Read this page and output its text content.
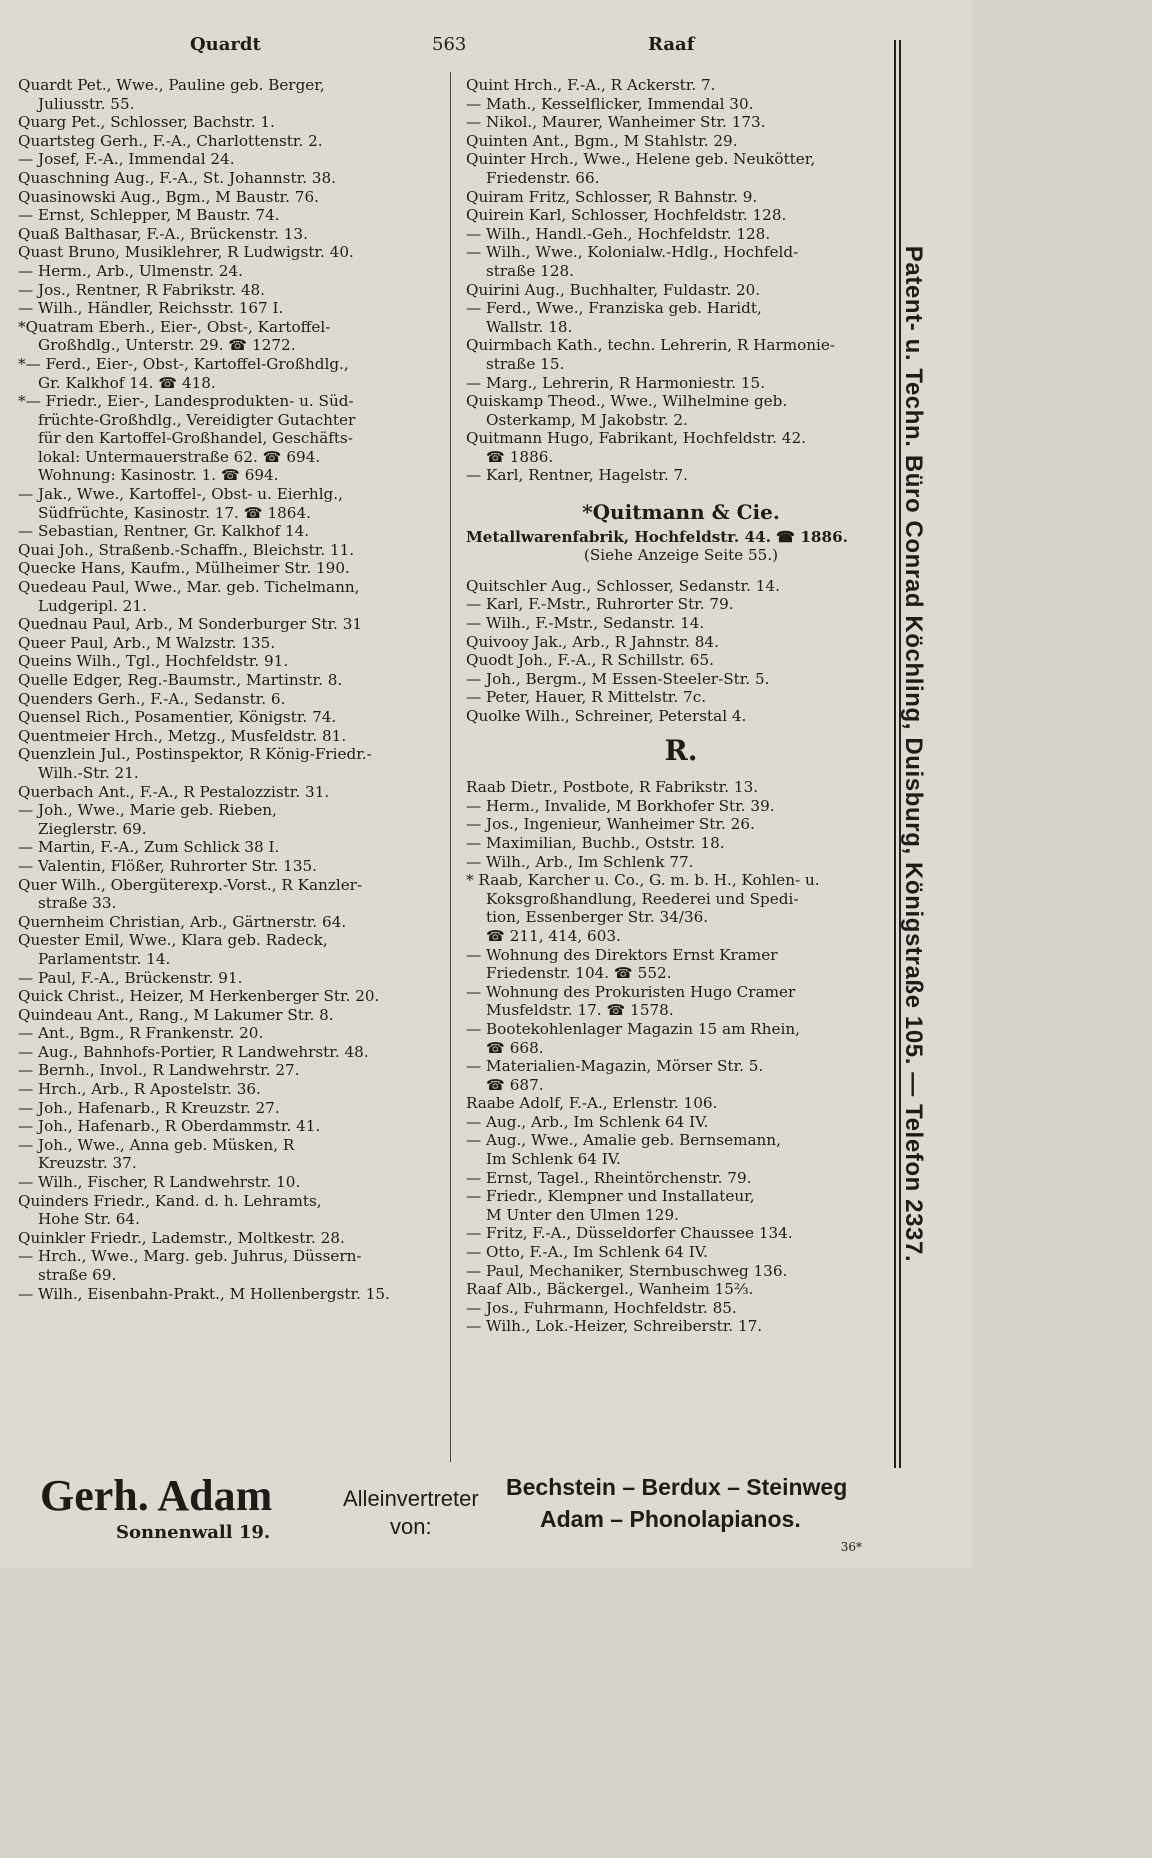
Quardt	563	Raaf
Quardt Pet., Wwe., Pauline geb. Berger,
Juliusstr. 55.
Quarg Pet., Schlosser, Bachstr. 1.
Quartsteg Gerh., F.-A., Charlottenstr. 2.
— Josef, F.-A., Immendal 24.
Quaschning Aug., F.-A., St. Johannstr. 38.
Quasinowski Aug., Bgm., M Baustr. 76.
— Ernst, Schlepper, M Baustr. 74.
Quaß Balthasar, F.-A., Brückenstr. 13.
Quast Bruno, Musiklehrer, R Ludwigstr. 40.
— Herm., Arb., Ulmenstr. 24.
— Jos., Rentner, R Fabrikstr. 48.
— Wilh., Händler, Reichsstr. 167 I.
*Quatram Eberh., Eier-, Obst-, Kartoffel-
Großhdlg., Unterstr. 29. ☎ 1272.
*— Ferd., Eier-, Obst-, Kartoffel-Großhdlg.,
Gr. Kalkhof 14. ☎ 418.
*— Friedr., Eier-, Landesprodukten- u. Süd-
früchte-Großhdlg., Vereidigter Gutachter
für den Kartoffel-Großhandel, Geschäfts-
lokal: Untermauerstraße 62. ☎ 694.
Wohnung: Kasinostr. 1. ☎ 694.
— Jak., Wwe., Kartoffel-, Obst- u. Eierhlg.,
Südfrüchte, Kasinostr. 17. ☎ 1864.
— Sebastian, Rentner, Gr. Kalkhof 14.
Quai Joh., Straßenb.-Schaffn., Bleichstr. 11.
Quecke Hans, Kaufm., Mülheimer Str. 190.
Quedeau Paul, Wwe., Mar. geb. Tichelmann,
Ludgeripl. 21.
Quednau Paul, Arb., M Sonderburger Str. 31
Queer Paul, Arb., M Walzstr. 135.
Queins Wilh., Tgl., Hochfeldstr. 91.
Quelle Edger, Reg.-Baumstr., Martinstr. 8.
Quenders Gerh., F.-A., Sedanstr. 6.
Quensel Rich., Posamentier, Königstr. 74.
Quentmeier Hrch., Metzg., Musfeldstr. 81.
Quenzlein Jul., Postinspektor, R König-Friedr.-
Wilh.-Str. 21.
Querbach Ant., F.-A., R Pestalozzistr. 31.
— Joh., Wwe., Marie geb. Rieben,
Zieglerstr. 69.
— Martin, F.-A., Zum Schlick 38 I.
— Valentin, Flößer, Ruhrorter Str. 135.
Quer Wilh., Obergüterexp.-Vorst., R Kanzler-
straße 33.
Quernheim Christian, Arb., Gärtnerstr. 64.
Quester Emil, Wwe., Klara geb. Radeck,
Parlamentstr. 14.
— Paul, F.-A., Brückenstr. 91.
Quick Christ., Heizer, M Herkenberger Str. 20.
Quindeau Ant., Rang., M Lakumer Str. 8.
— Ant., Bgm., R Frankenstr. 20.
— Aug., Bahnhofs-Portier, R Landwehrstr. 48.
— Bernh., Invol., R Landwehrstr. 27.
— Hrch., Arb., R Apostelstr. 36.
— Joh., Hafenarb., R Kreuzstr. 27.
— Joh., Hafenarb., R Oberdammstr. 41.
— Joh., Wwe., Anna geb. Müsken, R
Kreuzstr. 37.
— Wilh., Fischer, R Landwehrstr. 10.
Quinders Friedr., Kand. d. h. Lehramts,
Hohe Str. 64.
Quinkler Friedr., Lademstr., Moltkestr. 28.
— Hrch., Wwe., Marg. geb. Juhrus, Düssern-
straße 69.
— Wilh., Eisenbahn-Prakt., M Hollenbergstr. 15.
Quint Hrch., F.-A., R Ackerstr. 7.
— Math., Kesselflicker, Immendal 30.
— Nikol., Maurer, Wanheimer Str. 173.
Quinten Ant., Bgm., M Stahlstr. 29.
Quinter Hrch., Wwe., Helene geb. Neukötter,
Friedenstr. 66.
Quiram Fritz, Schlosser, R Bahnstr. 9.
Quirein Karl, Schlosser, Hochfeldstr. 128.
— Wilh., Handl.-Geh., Hochfeldstr. 128.
— Wilh., Wwe., Kolonialw.-Hdlg., Hochfeld-
straße 128.
Quirini Aug., Buchhalter, Fuldastr. 20.
— Ferd., Wwe., Franziska geb. Haridt,
Wallstr. 18.
Quirmbach Kath., techn. Lehrerin, R Harmonie-
straße 15.
— Marg., Lehrerin, R Harmoniestr. 15.
Quiskamp Theod., Wwe., Wilhelmine geb.
Osterkamp, M Jakobstr. 2.
Quitmann Hugo, Fabrikant, Hochfeldstr. 42.
☎ 1886.
— Karl, Rentner, Hagelstr. 7.
*Quitmann & Cie.
Metallwarenfabrik, Hochfeldstr. 44. ☎ 1886.
(Siehe Anzeige Seite 55.)
Quitschler Aug., Schlosser, Sedanstr. 14.
— Karl, F.-Mstr., Ruhrorter Str. 79.
— Wilh., F.-Mstr., Sedanstr. 14.
Quivooy Jak., Arb., R Jahnstr. 84.
Quodt Joh., F.-A., R Schillstr. 65.
— Joh., Bergm., M Essen-Steeler-Str. 5.
— Peter, Hauer, R Mittelstr. 7c.
Quolke Wilh., Schreiner, Peterstal 4.
R.
Raab Dietr., Postbote, R Fabrikstr. 13.
— Herm., Invalide, M Borkhofer Str. 39.
— Jos., Ingenieur, Wanheimer Str. 26.
— Maximilian, Buchb., Oststr. 18.
— Wilh., Arb., Im Schlenk 77.
* Raab, Karcher u. Co., G. m. b. H., Kohlen- u.
Koksgroßhandlung, Reederei und Spedi-
tion, Essenberger Str. 34/36.
☎ 211, 414, 603.
— Wohnung des Direktors Ernst Kramer
Friedenstr. 104. ☎ 552.
— Wohnung des Prokuristen Hugo Cramer
Musfeldstr. 17. ☎ 1578.
— Bootekohlenlager Magazin 15 am Rhein,
☎ 668.
— Materialien-Magazin, Mörser Str. 5.
☎ 687.
Raabe Adolf, F.-A., Erlenstr. 106.
— Aug., Arb., Im Schlenk 64 IV.
— Aug., Wwe., Amalie geb. Bernsemann,
Im Schlenk 64 IV.
— Ernst, Tagel., Rheintörchenstr. 79.
— Friedr., Klempner und Installateur,
M Unter den Ulmen 129.
— Fritz, F.-A., Düsseldorfer Chaussee 134.
— Otto, F.-A., Im Schlenk 64 IV.
— Paul, Mechaniker, Sternbuschweg 136.
Raaf Alb., Bäckergel., Wanheim 15⅔.
— Jos., Fuhrmann, Hochfeldstr. 85.
— Wilh., Lok.-Heizer, Schreiberstr. 17.
Patent- u. Techn. Büro Conrad Köchling, Duisburg, Königstraße 105. — Telefon 2337.
Gerh. Adam
Sonnenwall 19.
Alleinvertreter
von:
Bechstein – Berdux – Steinweg
Adam – Phonolapianos.
36*
